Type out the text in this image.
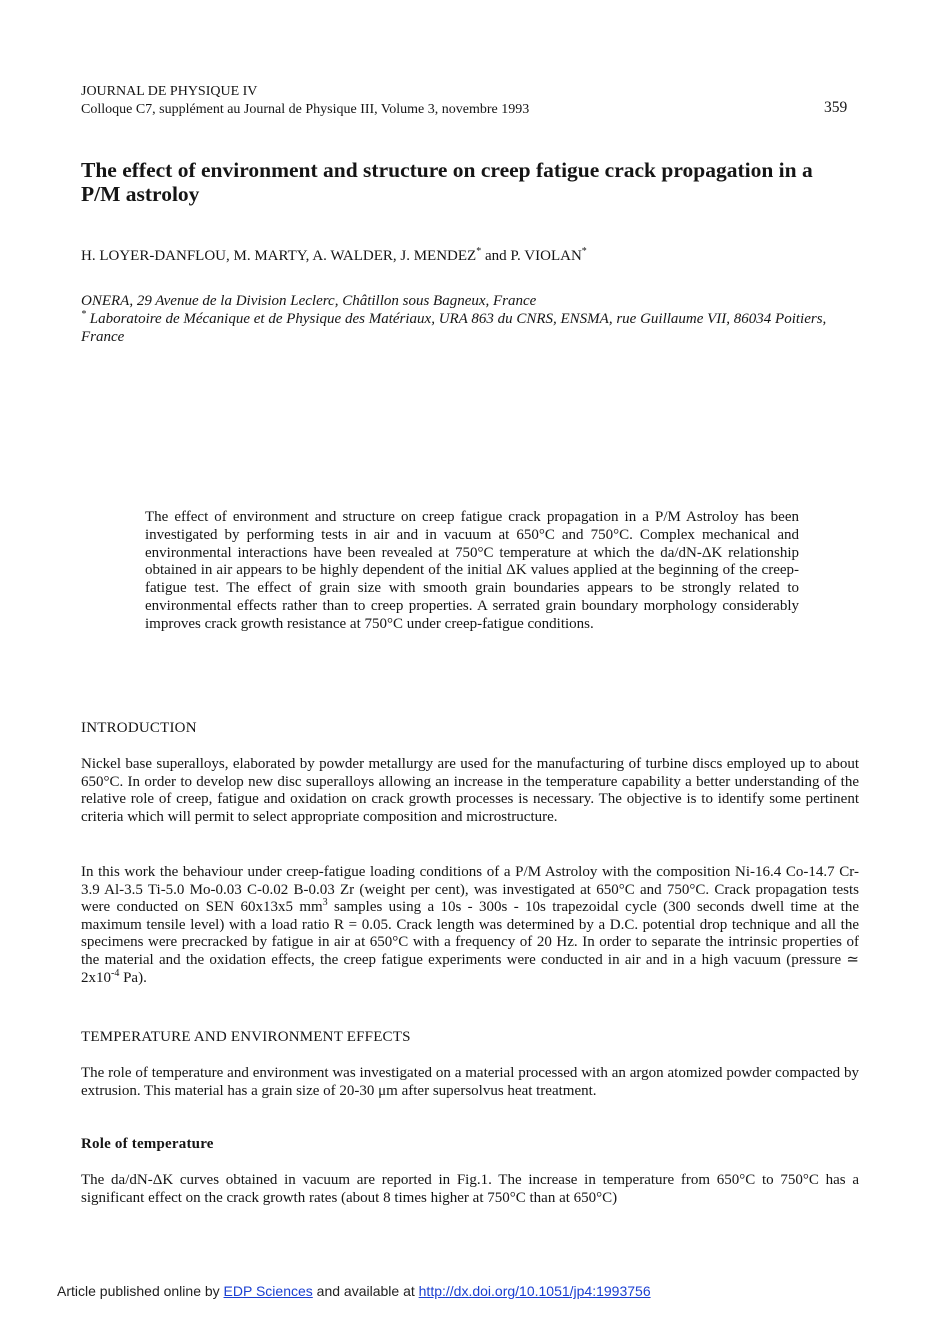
JOURNAL DE PHYSIQUE IV
Colloque C7, supplément au Journal de Physique III, Volume 3, novembre 1993	359
The effect of environment and structure on creep fatigue crack propagation in a P/M astroloy
H. LOYER-DANFLOU, M. MARTY, A. WALDER, J. MENDEZ* and P. VIOLAN*
ONERA, 29 Avenue de la Division Leclerc, Châtillon sous Bagneux, France
* Laboratoire de Mécanique et de Physique des Matériaux, URA 863 du CNRS, ENSMA, rue Guillaume VII, 86034 Poitiers, France

The effect of environment and structure on creep fatigue crack propagation in a P/M Astroloy has been investigated by performing tests in air and in vacuum at 650°C and 750°C. Complex mechanical and environmental interactions have been revealed at 750°C temperature at which the da/dN-ΔK relationship obtained in air appears to be highly dependent of the initial ΔK values applied at the beginning of the creep-fatigue test. The effect of grain size with smooth grain boundaries appears to be strongly related to environmental effects rather than to creep properties. A serrated grain boundary morphology considerably improves crack growth resistance at 750°C under creep-fatigue conditions.

INTRODUCTION

Nickel base superalloys, elaborated by powder metallurgy are used for the manufacturing of turbine discs employed up to about 650°C. In order to develop new disc superalloys allowing an increase in the temperature capability a better understanding of the relative role of creep, fatigue and oxidation on crack growth processes is necessary. The objective is to identify some pertinent criteria which will permit to select appropriate composition and microstructure.

In this work the behaviour under creep-fatigue loading conditions of a P/M Astroloy with the composition Ni-16.4 Co-14.7 Cr-3.9 Al-3.5 Ti-5.0 Mo-0.03 C-0.02 B-0.03 Zr (weight per cent), was investigated at 650°C and 750°C. Crack propagation tests were conducted on SEN 60x13x5 $mm^3$ samples using a 10s - 300s - 10s trapezoidal cycle (300 seconds dwell time at the maximum tensile level) with a load ratio R = 0.05. Crack length was determined by a D.C. potential drop technique and all the specimens were precracked by fatigue in air at 650°C with a frequency of 20 Hz. In order to separate the intrinsic properties of the material and the oxidation effects, the creep fatigue experiments were conducted in air and in a high vacuum (pressure ≃ $2x10^{-4}$ Pa).

TEMPERATURE AND ENVIRONMENT EFFECTS

The role of temperature and environment was investigated on a material processed with an argon atomized powder compacted by extrusion. This material has a grain size of 20-30 μm after supersolvus heat treatment.

Role of temperature

The da/dN-ΔK curves obtained in vacuum are reported in Fig.1. The increase in temperature from 650°C to 750°C has a significant effect on the crack growth rates (about 8 times higher at 750°C than at 650°C)

Article published online by EDP Sciences and available at http://dx.doi.org/10.1051/jp4:1993756
